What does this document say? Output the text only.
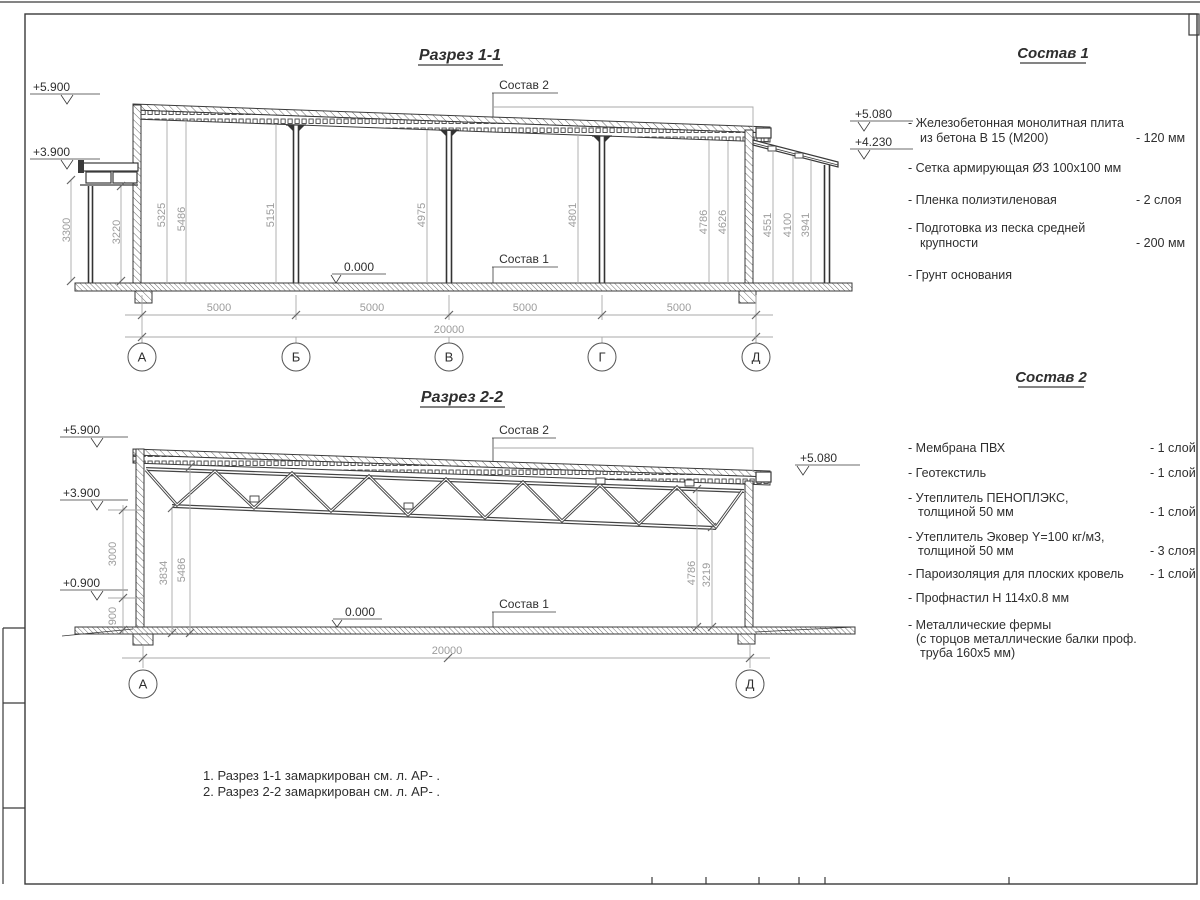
Разрез 1-1
Состав 2
Состав 1
+5.900
+3.900
+5.080
+4.230
0.000
3300	3220
5325 5486	5151	4975	4801	4786 4626	4551 4100 3941
5000	5000	5000	5000
20000
А	Б	В	Г	Д
Разрез 2-2
Состав 2
Состав 1
+5.900
+3.900
+0.900
+5.080
0.000
3000
900
3834 5486	4786 3219
20000
А	Д
Состав 1
- Железобетонная монолитная плита
из бетона В 15 (М200)	- 120 мм
- Сетка армирующая Ø3 100х100 мм
- Пленка полиэтиленовая	- 2 слоя
- Подготовка из песка средней
крупности	- 200 мм
- Грунт основания
Состав 2
- Мембрана ПВХ	- 1 слой
- Геотекстиль	- 1 слой
- Утеплитель ПЕНОПЛЭКС,
толщиной 50 мм	- 1 слой
- Утеплитель Эковер Y=100 кг/м3,
толщиной 50 мм	- 3 слоя
- Пароизоляция для плоских кровель - 1 слой
- Профнастил Н 114х0.8 мм
- Металлические фермы
(с торцов металлические балки проф.
труба 160х5 мм)
1. Разрез 1-1 замаркирован см. л. АР- .
2. Разрез 2-2 замаркирован см. л. АР- .
